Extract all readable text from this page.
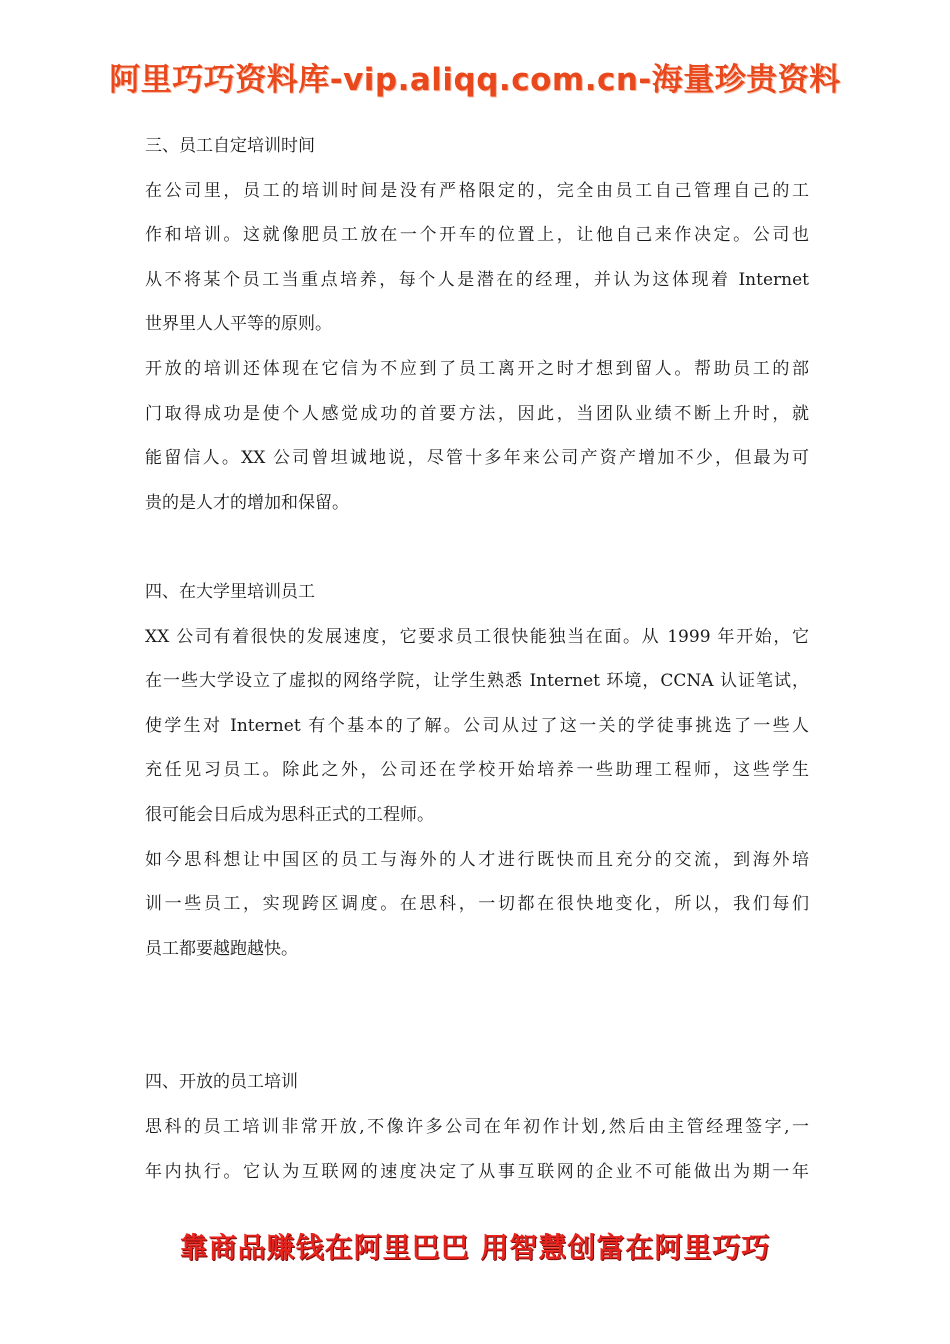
阿里巧巧资料库-vip.aliqq.com.cn-海量珍贵资料
三、员工自定培训时间
在公司里，员工的培训时间是没有严格限定的，完全由员工自己管理自己的工
作和培训。这就像肥员工放在一个开车的位置上，让他自己来作决定。公司也
从不将某个员工当重点培养，每个人是潜在的经理，并认为这体现着 Internet
世界里人人平等的原则。
开放的培训还体现在它信为不应到了员工离开之时才想到留人。帮助员工的部
门取得成功是使个人感觉成功的首要方法，因此，当团队业绩不断上升时，就
能留信人。XX 公司曾坦诚地说，尽管十多年来公司产资产增加不少，但最为可
贵的是人才的增加和保留。
四、在大学里培训员工
XX 公司有着很快的发展速度，它要求员工很快能独当在面。从 1999 年开始，它
在一些大学设立了虚拟的网络学院，让学生熟悉 Internet 环境，CCNA 认证笔试，
使学生对 Internet 有个基本的了解。公司从过了这一关的学徒事挑选了一些人
充任见习员工。除此之外，公司还在学校开始培养一些助理工程师，这些学生
很可能会日后成为思科正式的工程师。
如今思科想让中国区的员工与海外的人才进行既快而且充分的交流，到海外培
训一些员工，实现跨区调度。在思科，一切都在很快地变化，所以，我们每们
员工都要越跑越快。
四、开放的员工培训
思科的员工培训非常开放,不像许多公司在年初作计划,然后由主管经理签字,一
年内执行。它认为互联网的速度决定了从事互联网的企业不可能做出为期一年
靠商品赚钱在阿里巴巴 用智慧创富在阿里巧巧
